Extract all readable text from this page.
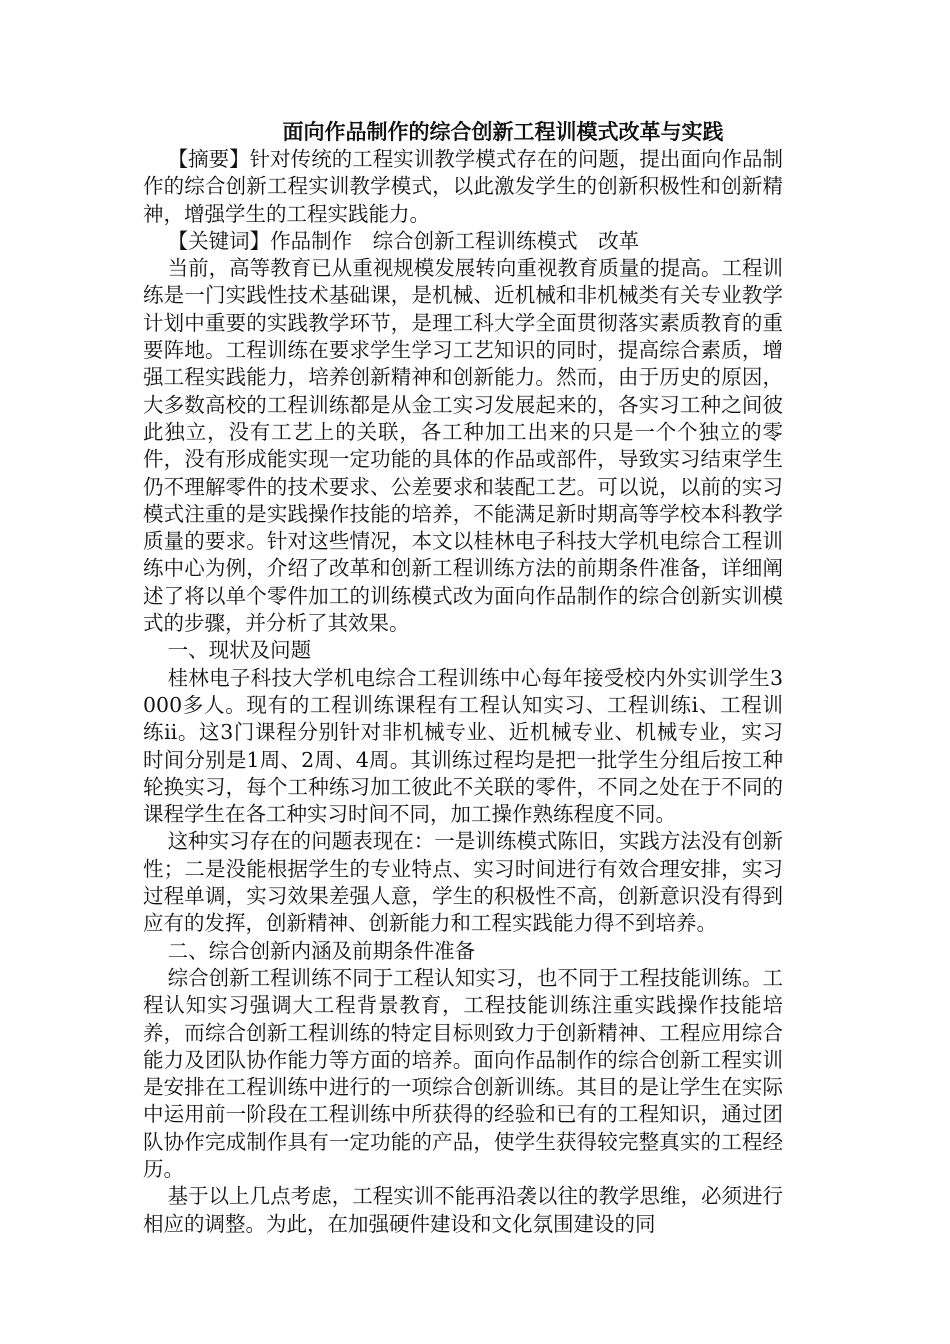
面向作品制作的综合创新工程训模式改革与实践

【摘要】针对传统的工程实训教学模式存在的问题，提出面向作品制作的综合创新工程实训教学模式，以此激发学生的创新积极性和创新精神，增强学生的工程实践能力。

【关键词】作品制作　综合创新工程训练模式　改革

当前，高等教育已从重视规模发展转向重视教育质量的提高。工程训练是一门实践性技术基础课，是机械、近机械和非机械类有关专业教学计划中重要的实践教学环节，是理工科大学全面贯彻落实素质教育的重要阵地。工程训练在要求学生学习工艺知识的同时，提高综合素质，增强工程实践能力，培养创新精神和创新能力。然而，由于历史的原因，大多数高校的工程训练都是从金工实习发展起来的，各实习工种之间彼此独立，没有工艺上的关联，各工种加工出来的只是一个个独立的零件，没有形成能实现一定功能的具体的作品或部件，导致实习结束学生仍不理解零件的技术要求、公差要求和装配工艺。可以说，以前的实习模式注重的是实践操作技能的培养，不能满足新时期高等学校本科教学质量的要求。针对这些情况，本文以桂林电子科技大学机电综合工程训练中心为例，介绍了改革和创新工程训练方法的前期条件准备，详细阐述了将以单个零件加工的训练模式改为面向作品制作的综合创新实训模式的步骤，并分析了其效果。

一、现状及问题

桂林电子科技大学机电综合工程训练中心每年接受校内外实训学生3000多人。现有的工程训练课程有工程认知实习、工程训练ⅰ、工程训练ⅱ。这3门课程分别针对非机械专业、近机械专业、机械专业，实习时间分别是1周、2周、4周。其训练过程均是把一批学生分组后按工种轮换实习，每个工种练习加工彼此不关联的零件，不同之处在于不同的课程学生在各工种实习时间不同，加工操作熟练程度不同。

这种实习存在的问题表现在：一是训练模式陈旧，实践方法没有创新性；二是没能根据学生的专业特点、实习时间进行有效合理安排，实习过程单调，实习效果差强人意，学生的积极性不高，创新意识没有得到应有的发挥，创新精神、创新能力和工程实践能力得不到培养。

二、综合创新内涵及前期条件准备

综合创新工程训练不同于工程认知实习，也不同于工程技能训练。工程认知实习强调大工程背景教育，工程技能训练注重实践操作技能培养，而综合创新工程训练的特定目标则致力于创新精神、工程应用综合能力及团队协作能力等方面的培养。面向作品制作的综合创新工程实训是安排在工程训练中进行的一项综合创新训练。其目的是让学生在实际中运用前一阶段在工程训练中所获得的经验和已有的工程知识，通过团队协作完成制作具有一定功能的产品，使学生获得较完整真实的工程经历。

基于以上几点考虑，工程实训不能再沿袭以往的教学思维，必须进行相应的调整。为此，在加强硬件建设和文化氛围建设的同
